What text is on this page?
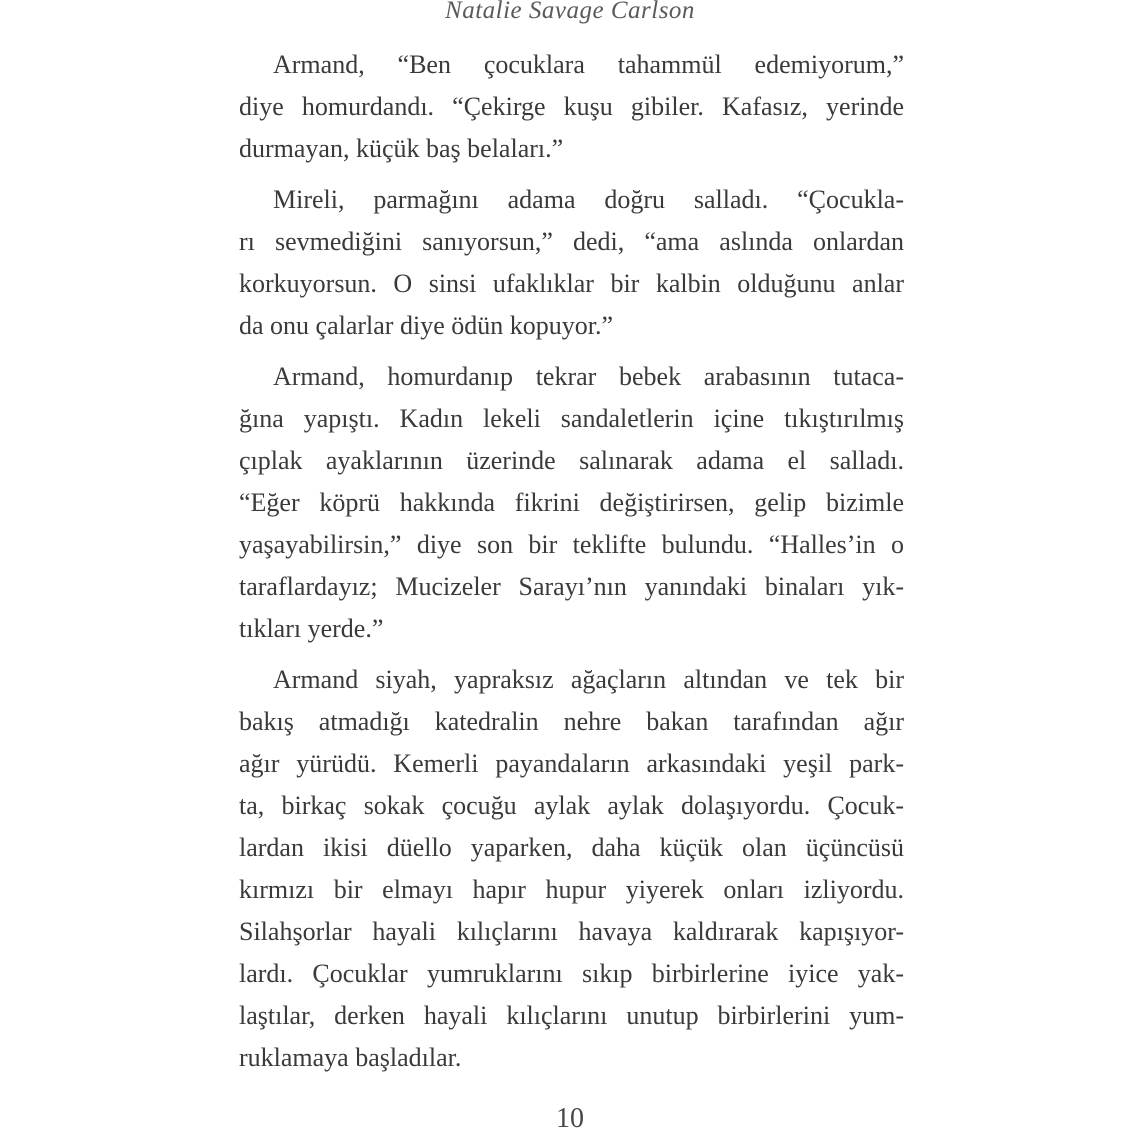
Natalie Savage Carlson

Armand, “Ben çocuklara tahammül edemiyorum,”
diye homurdandı. “Çekirge kuşu gibiler. Kafasız, yerinde
durmayan, küçük baş belaları.”

Mireli, parmağını adama doğru salladı. “Çocukla-
rı sevmediğini sanıyorsun,” dedi, “ama aslında onlardan
korkuyorsun. O sinsi ufaklıklar bir kalbin olduğunu anlar
da onu çalarlar diye ödün kopuyor.”

Armand, homurdanıp tekrar bebek arabasının tutaca-
ğına yapıştı. Kadın lekeli sandaletlerin içine tıkıştırılmış
çıplak ayaklarının üzerinde salınarak adama el salladı.
“Eğer köprü hakkında fikrini değiştirirsen, gelip bizimle
yaşayabilirsin,” diye son bir teklifte bulundu. “Halles’in o
taraflardayız; Mucizeler Sarayı’nın yanındaki binaları yık-
tıkları yerde.”

Armand siyah, yapraksız ağaçların altından ve tek bir
bakış atmadığı katedralin nehre bakan tarafından ağır
ağır yürüdü. Kemerli payandaların arkasındaki yeşil park-
ta, birkaç sokak çocuğu aylak aylak dolaşıyordu. Çocuk-
lardan ikisi düello yaparken, daha küçük olan üçüncüsü
kırmızı bir elmayı hapır hupur yiyerek onları izliyordu.
Silahşorlar hayali kılıçlarını havaya kaldırarak kapışıyor-
lardı. Çocuklar yumruklarını sıkıp birbirlerine iyice yak-
laştılar, derken hayali kılıçlarını unutup birbirlerini yum-
ruklamaya başladılar.

10
